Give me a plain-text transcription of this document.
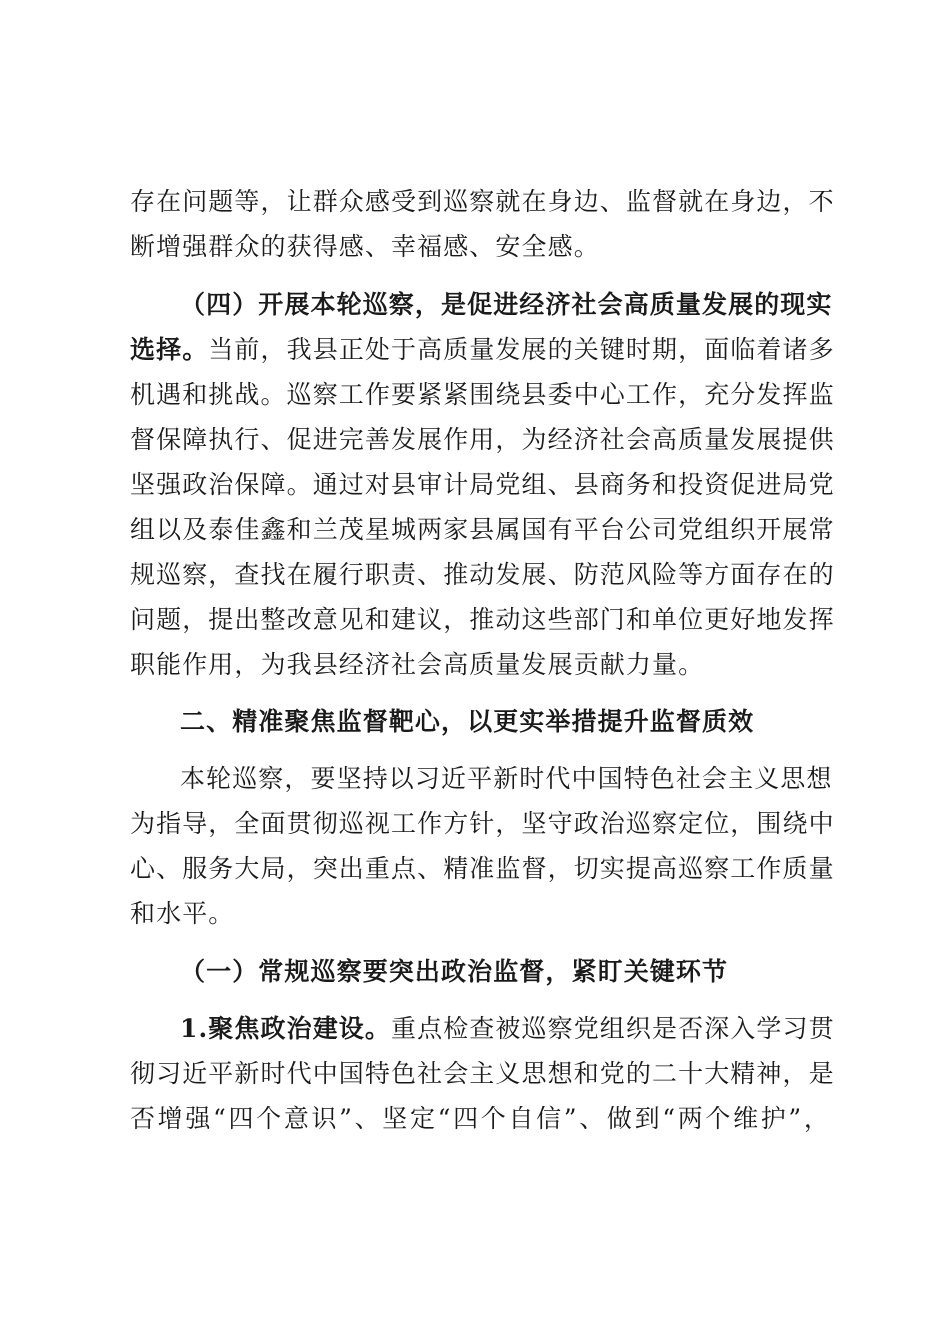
存在问题等，让群众感受到巡察就在身边、监督就在身边，不
断增强群众的获得感、幸福感、安全感。
（四）开展本轮巡察，是促进经济社会高质量发展的现实
选择。当前，我县正处于高质量发展的关键时期，面临着诸多
机遇和挑战。巡察工作要紧紧围绕县委中心工作，充分发挥监
督保障执行、促进完善发展作用，为经济社会高质量发展提供
坚强政治保障。通过对县审计局党组、县商务和投资促进局党
组以及泰佳鑫和兰茂星城两家县属国有平台公司党组织开展常
规巡察，查找在履行职责、推动发展、防范风险等方面存在的
问题，提出整改意见和建议，推动这些部门和单位更好地发挥
职能作用，为我县经济社会高质量发展贡献力量。
二、精准聚焦监督靶心，以更实举措提升监督质效
本轮巡察，要坚持以习近平新时代中国特色社会主义思想
为指导，全面贯彻巡视工作方针，坚守政治巡察定位，围绕中
心、服务大局，突出重点、精准监督，切实提高巡察工作质量
和水平。
（一）常规巡察要突出政治监督，紧盯关键环节
1.聚焦政治建设。重点检查被巡察党组织是否深入学习贯
彻习近平新时代中国特色社会主义思想和党的二十大精神，是
否增强“四个意识”、坚定“四个自信”、做到“两个维护”，
